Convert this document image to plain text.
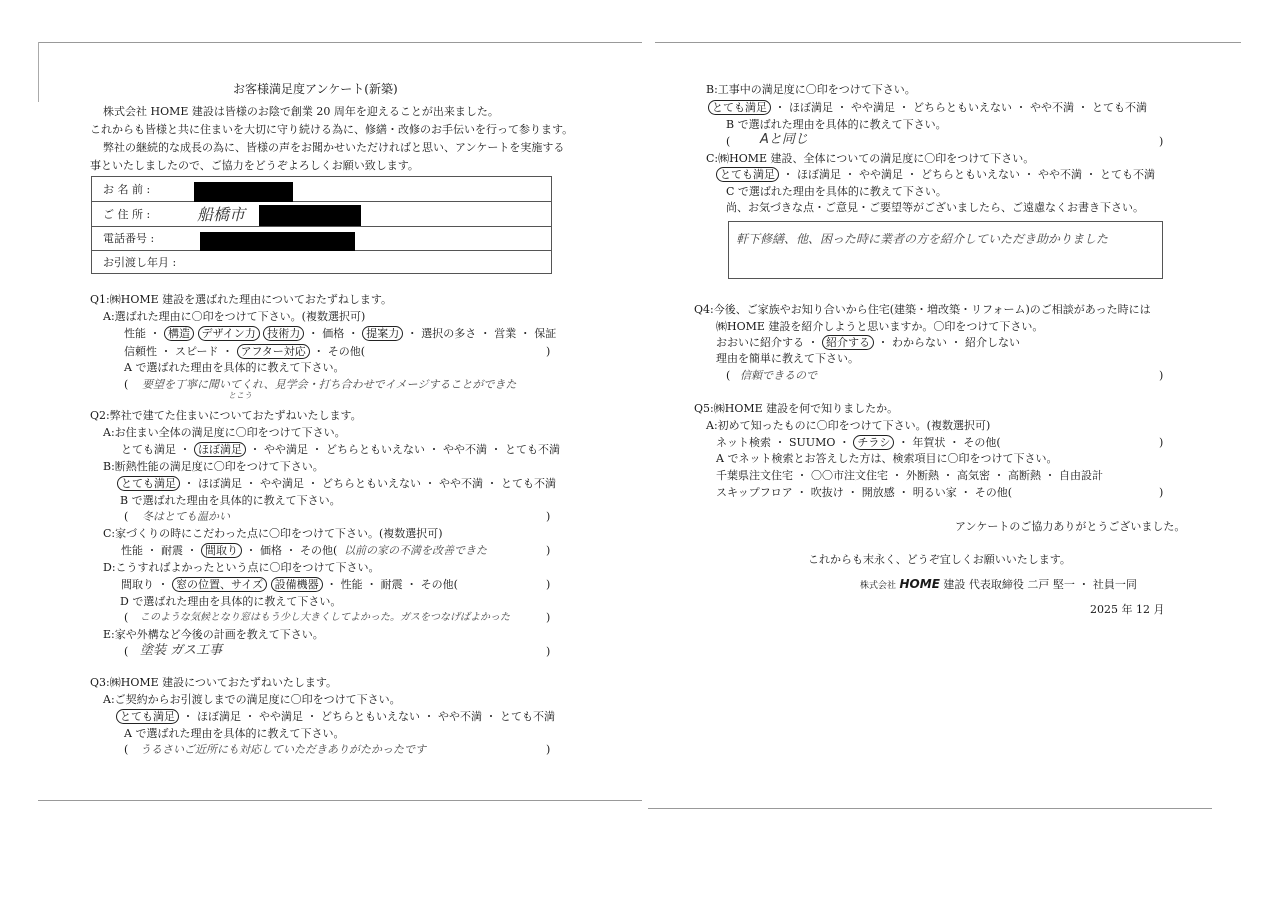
お客様満足度アンケート(新築)
株式会社 HOME 建設は皆様のお陰で創業 20 周年を迎えることが出来ました。
これからも皆様と共に住まいを大切に守り続ける為に、修繕・改修のお手伝いを行って参ります。
弊社の継続的な成長の為に、皆様の声をお聞かせいただければと思い、アンケートを実施する
事といたしましたので、ご協力をどうぞよろしくお願い致します。
お 名 前 :
ご 住 所 :	船橋市
電話番号 :
お引渡し年月 :
Q1:㈱HOME 建設を選ばれた理由についておたずねします。
A:選ばれた理由に〇印をつけて下さい。(複数選択可)
性能 ・ 構造 デザイン力 技術力 ・ 価格 ・ 提案力 ・ 選択の多さ ・ 営業 ・ 保証
信頼性 ・ スピード ・ アフター対応 ・ その他(	)
A で選ばれた理由を具体的に教えて下さい。
( 要望を丁寧に聞いてくれ、見学会・打ち合わせでイメージすることができた
とこう
Q2:弊社で建てた住まいについておたずねいたします。
A:お住まい全体の満足度に〇印をつけて下さい。
とても満足 ・ ほぼ満足 ・ やや満足 ・ どちらともいえない ・ やや不満 ・ とても不満
B:断熱性能の満足度に〇印をつけて下さい。
とても満足 ・ ほぼ満足 ・ やや満足 ・ どちらともいえない ・ やや不満 ・ とても不満
B で選ばれた理由を具体的に教えて下さい。
( 冬はとても温かい	)
C:家づくりの時にこだわった点に〇印をつけて下さい。(複数選択可)
性能 ・ 耐震 ・ 間取り ・ 価格 ・ その他( 以前の家の不満を改善できた	)
D:こうすればよかったという点に〇印をつけて下さい。
間取り ・ 窓の位置、サイズ 設備機器 ・ 性能 ・ 耐震 ・ その他(	)
D で選ばれた理由を具体的に教えて下さい。
( このような気候となり窓はもう少し大きくしてよかった。ガスをつなげばよかった	)
E:家や外構など今後の計画を教えて下さい。
( 塗装 ガス工事	)
Q3:㈱HOME 建設についておたずねいたします。
A:ご契約からお引渡しまでの満足度に〇印をつけて下さい。
とても満足 ・ ほぼ満足 ・ やや満足 ・ どちらともいえない ・ やや不満 ・ とても不満
A で選ばれた理由を具体的に教えて下さい。
( うるさいご近所にも対応していただきありがたかったです	)
B:工事中の満足度に〇印をつけて下さい。
とても満足 ・ ほぼ満足 ・ やや満足 ・ どちらともいえない ・ やや不満 ・ とても不満
B で選ばれた理由を具体的に教えて下さい。
( Aと同じ	)
C:㈱HOME 建設、全体についての満足度に〇印をつけて下さい。
とても満足 ・ ほぼ満足 ・ やや満足 ・ どちらともいえない ・ やや不満 ・ とても不満
C で選ばれた理由を具体的に教えて下さい。
尚、お気づきな点・ご意見・ご要望等がございましたら、ご遠慮なくお書き下さい。
軒下修繕、他、困った時に業者の方を紹介していただき助かりました
Q4:今後、ご家族やお知り合いから住宅(建築・増改築・リフォーム)のご相談があった時には
㈱HOME 建設を紹介しようと思いますか。〇印をつけて下さい。
おおいに紹介する ・ 紹介する ・ わからない ・ 紹介しない
理由を簡単に教えて下さい。
( 信頼できるので	)
Q5:㈱HOME 建設を何で知りましたか。
A:初めて知ったものに〇印をつけて下さい。(複数選択可)
ネット検索 ・ SUUMO ・ チラシ ・ 年賀状 ・ その他(	)
A でネット検索とお答えした方は、検索項目に〇印をつけて下さい。
千葉県注文住宅 ・ 〇〇市注文住宅 ・ 外断熱 ・ 高気密 ・ 高断熱 ・ 自由設計
スキップフロア ・ 吹抜け ・ 開放感 ・ 明るい家 ・ その他(	)
アンケートのご協力ありがとうございました。
これからも末永く、どうぞ宜しくお願いいたします。
株式会社 HOME 建設 代表取締役 二戸 堅一 ・ 社員一同
2025 年 12 月
